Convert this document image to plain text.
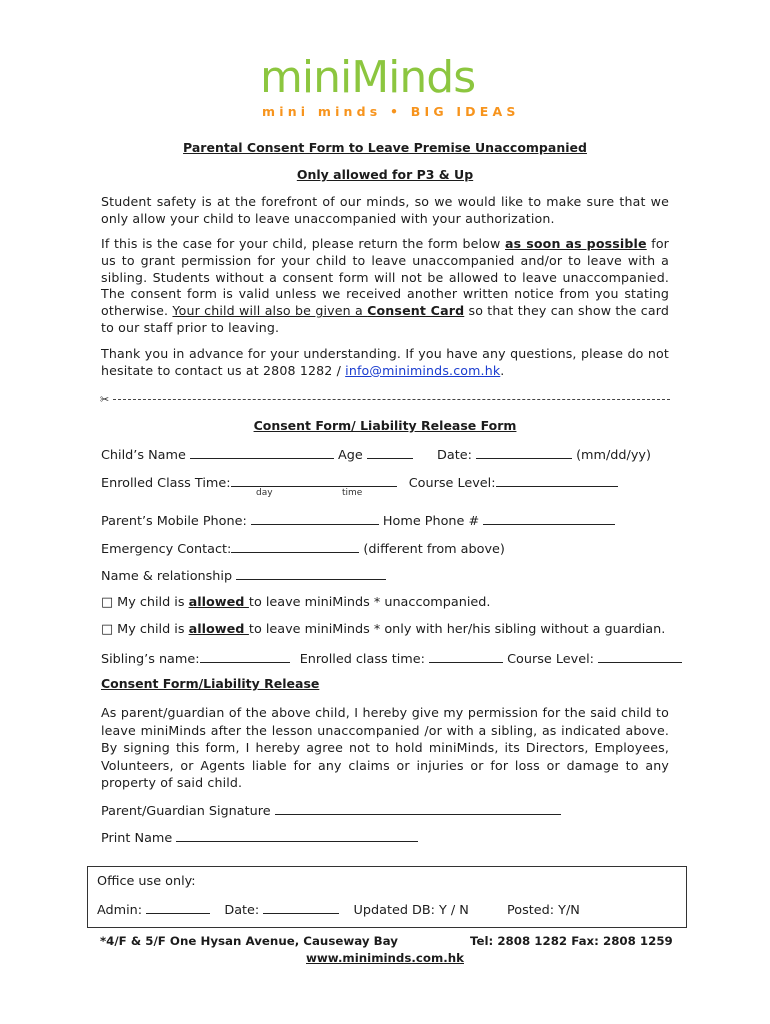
miniMinds
mini minds • BIG IDEAS
Parental Consent Form to Leave Premise Unaccompanied
Only allowed for P3 & Up
Student safety is at the forefront of our minds, so we would like to make sure that we only allow your child to leave unaccompanied with your authorization.
If this is the case for your child, please return the form below as soon as possible for us to grant permission for your child to leave unaccompanied and/or to leave with a sibling. Students without a consent form will not be allowed to leave unaccompanied. The consent form is valid unless we received another written notice from you stating otherwise. Your child will also be given a Consent Card so that they can show the card to our staff prior to leaving.
Thank you in advance for your understanding. If you have any questions, please do not hesitate to contact us at 2808 1282 / info@miniminds.com.hk.
✂
Consent Form/ Liability Release Form
Child’s Name	Age	Date:	(mm/dd/yy)
Enrolled Class Time:	Course Level:
day	time
Parent’s Mobile Phone:	Home Phone #
Emergency Contact:	(different from above)
Name & relationship
□ My child is allowed to leave miniMinds * unaccompanied.
□ My child is allowed to leave miniMinds * only with her/his sibling without a guardian.
Sibling’s name:	Enrolled class time:	Course Level:
Consent Form/Liability Release
As parent/guardian of the above child, I hereby give my permission for the said child to leave miniMinds after the lesson unaccompanied /or with a sibling, as indicated above. By signing this form, I hereby agree not to hold miniMinds, its Directors, Employees, Volunteers, or Agents liable for any claims or injuries or for loss or damage to any property of said child.
Parent/Guardian Signature
Print Name
Office use only:
Admin:	Date:	Updated DB: Y / N	Posted: Y/N
*4/F & 5/F One Hysan Avenue, Causeway Bay	Tel: 2808 1282 Fax: 2808 1259
www.miniminds.com.hk
